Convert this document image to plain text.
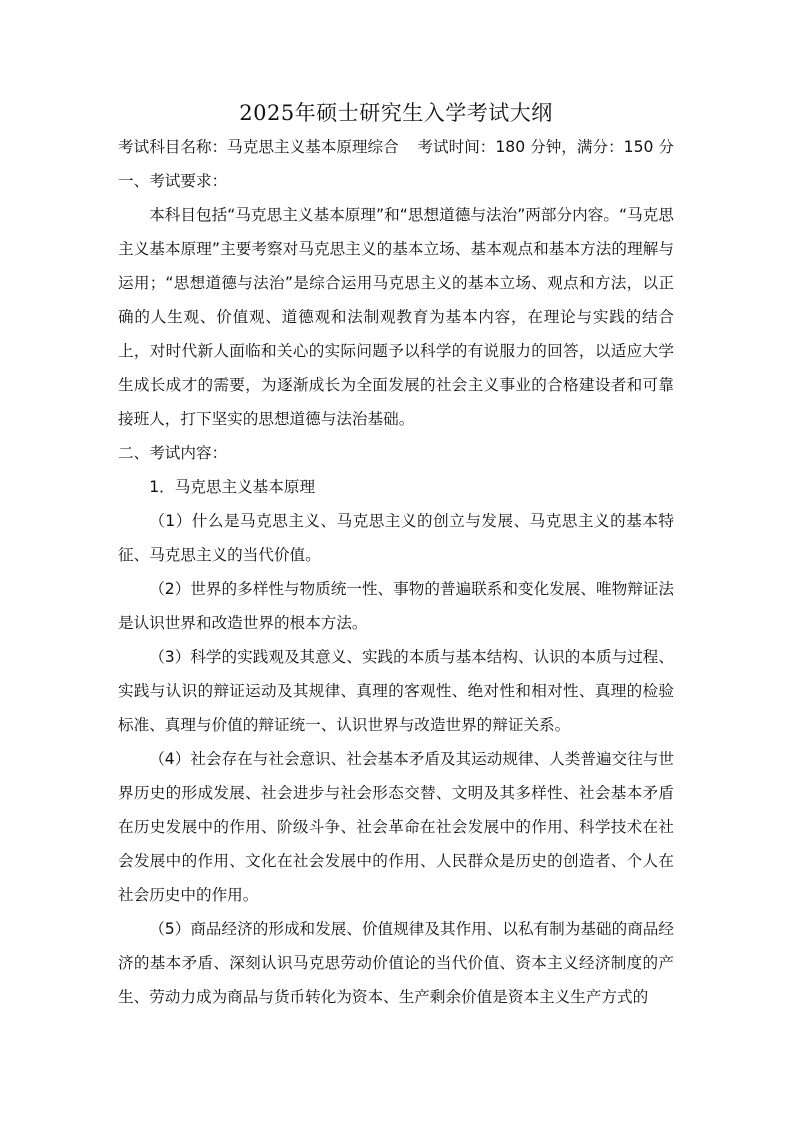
2025年硕士研究生入学考试大纲
考试科目名称：马克思主义基本原理综合 考试时间：180 分钟，满分：150 分
一、考试要求：

本科目包括“马克思主义基本原理”和“思想道德与法治”两部分内容。“马克思主义基本原理”主要考察对马克思主义的基本立场、基本观点和基本方法的理解与运用；“思想道德与法治”是综合运用马克思主义的基本立场、观点和方法，以正确的人生观、价值观、道德观和法制观教育为基本内容，在理论与实践的结合上，对时代新人面临和关心的实际问题予以科学的有说服力的回答，以适应大学生成长成才的需要，为逐渐成长为全面发展的社会主义事业的合格建设者和可靠接班人，打下坚实的思想道德与法治基础。

二、考试内容：
1．马克思主义基本原理

（1）什么是马克思主义、马克思主义的创立与发展、马克思主义的基本特征、马克思主义的当代价值。

（2）世界的多样性与物质统一性、事物的普遍联系和变化发展、唯物辩证法是认识世界和改造世界的根本方法。

（3）科学的实践观及其意义、实践的本质与基本结构、认识的本质与过程、实践与认识的辩证运动及其规律、真理的客观性、绝对性和相对性、真理的检验标准、真理与价值的辩证统一、认识世界与改造世界的辩证关系。

（4）社会存在与社会意识、社会基本矛盾及其运动规律、人类普遍交往与世界历史的形成发展、社会进步与社会形态交替、文明及其多样性、社会基本矛盾在历史发展中的作用、阶级斗争、社会革命在社会发展中的作用、科学技术在社会发展中的作用、文化在社会发展中的作用、人民群众是历史的创造者、个人在社会历史中的作用。

（5）商品经济的形成和发展、价值规律及其作用、以私有制为基础的商品经济的基本矛盾、深刻认识马克思劳动价值论的当代价值、资本主义经济制度的产生、劳动力成为商品与货币转化为资本、生产剩余价值是资本主义生产方式的
